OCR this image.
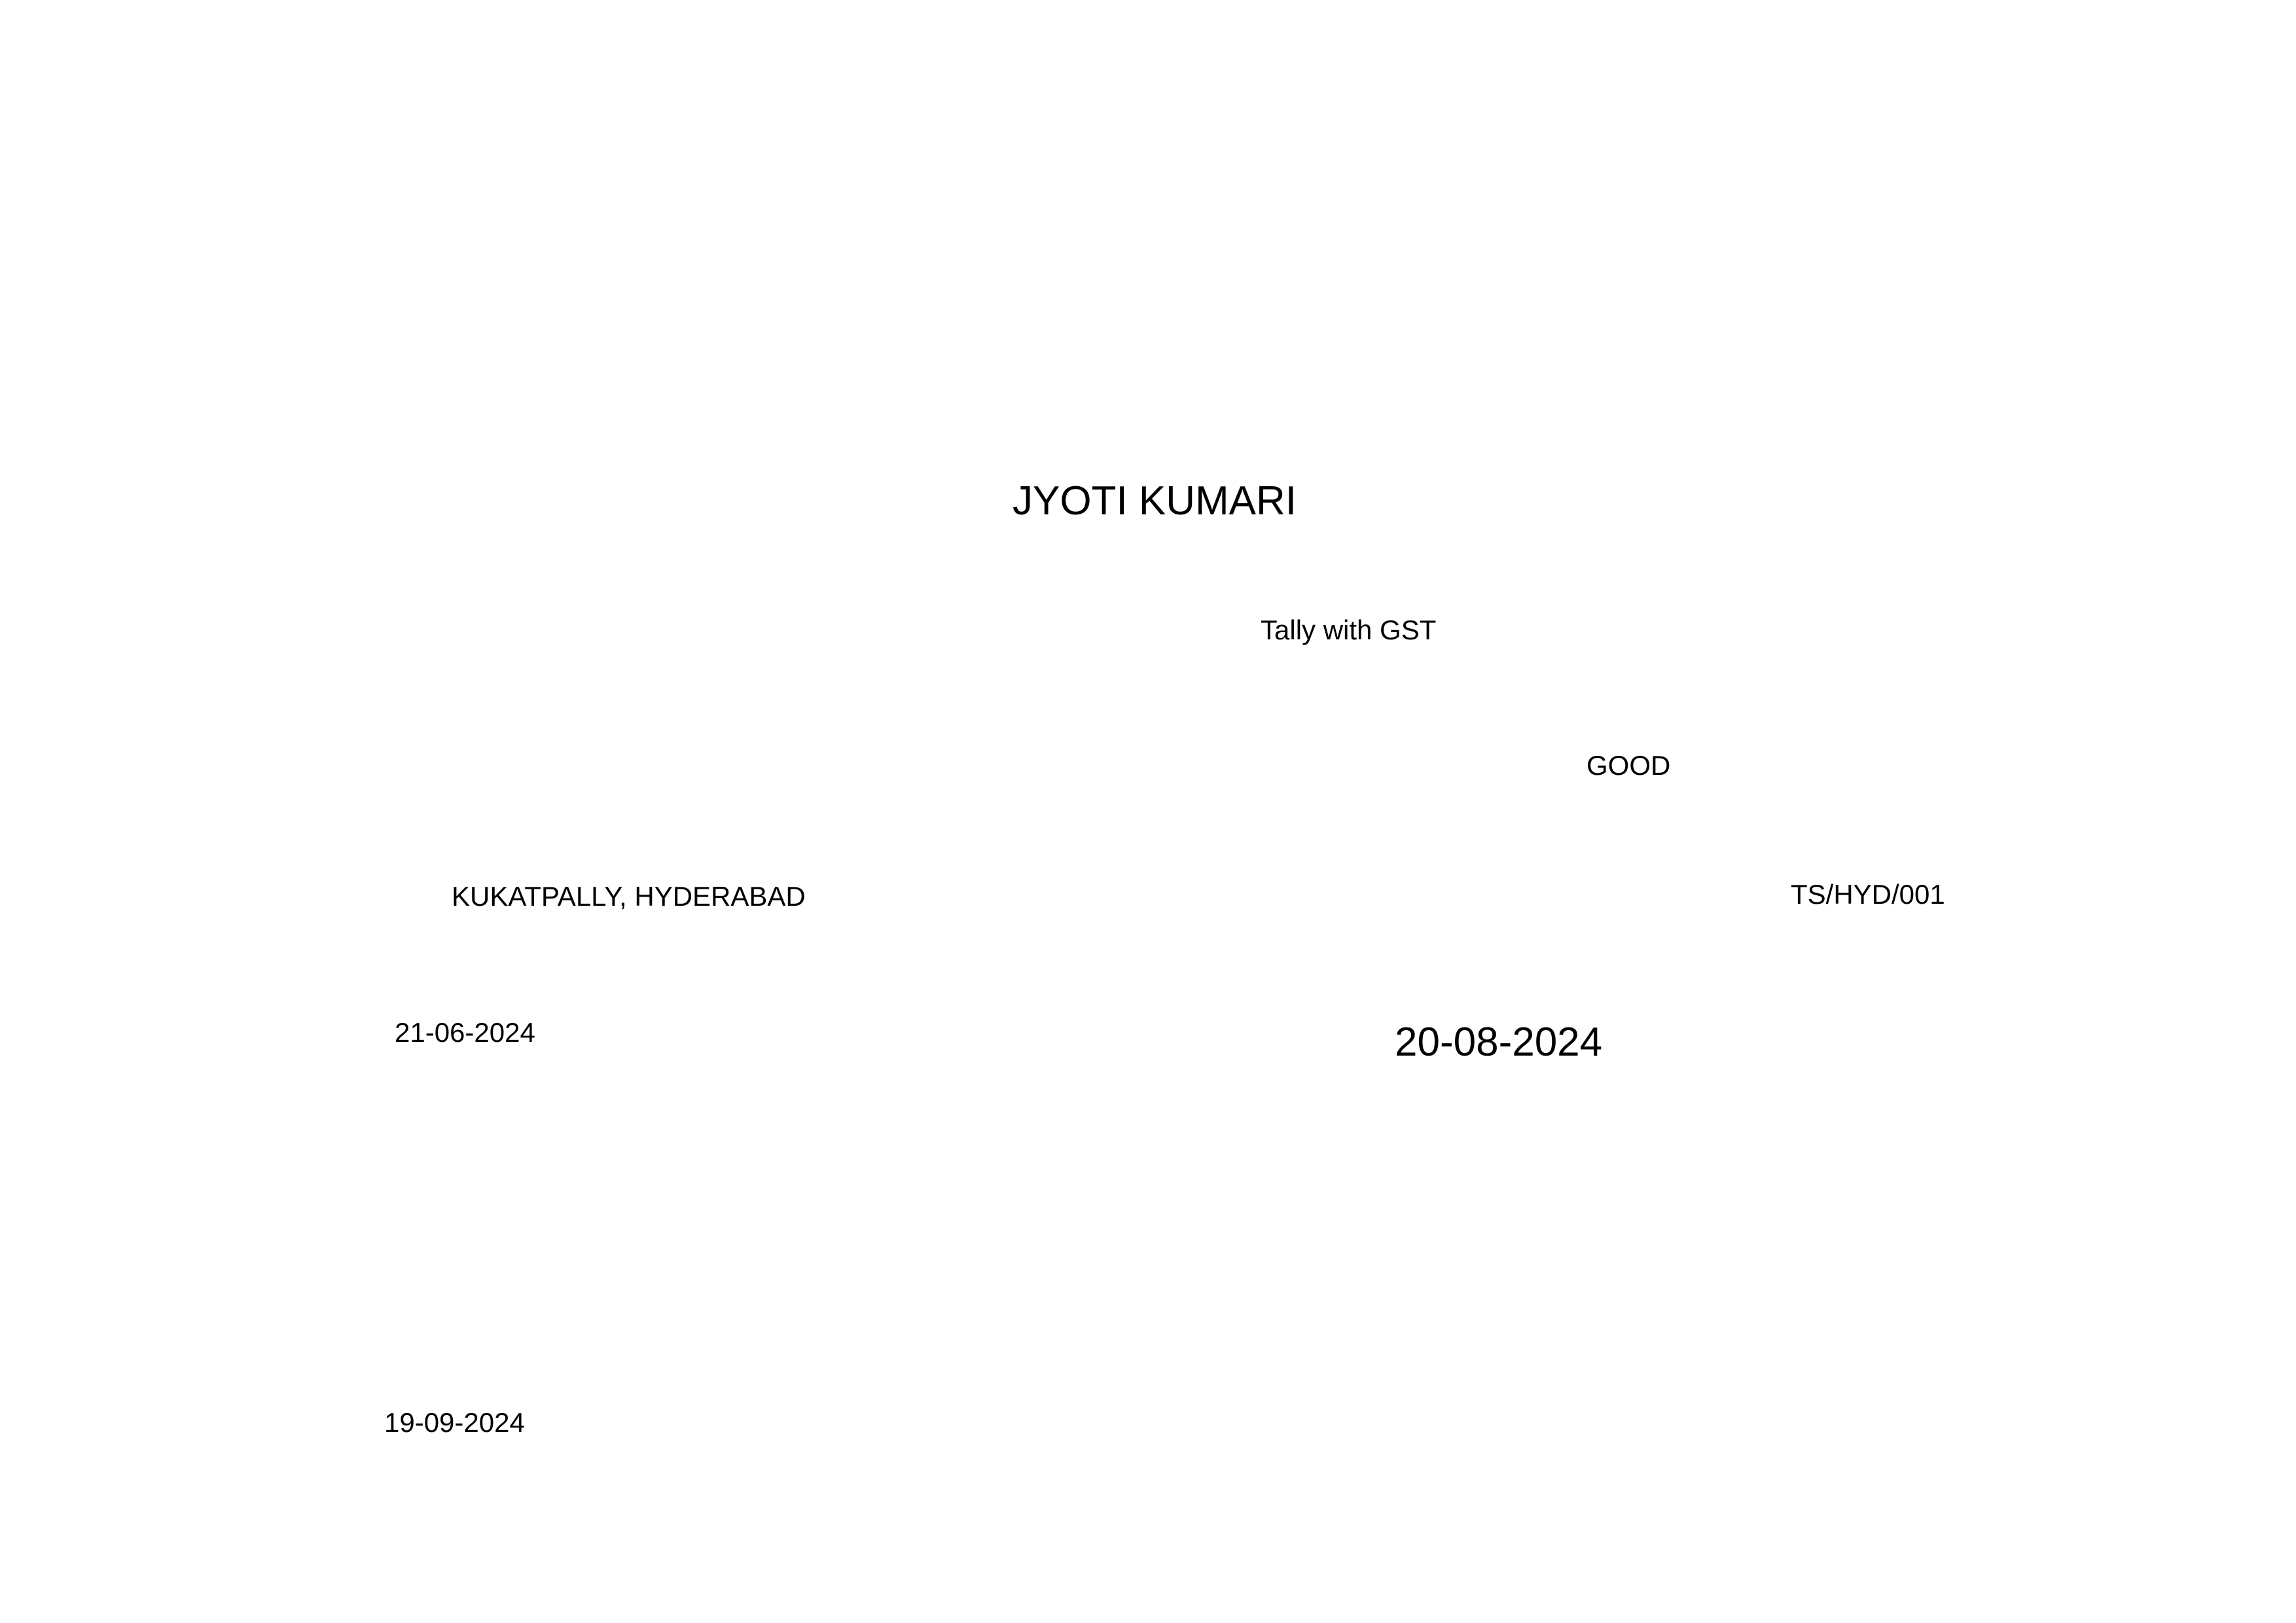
JYOTI KUMARI
Tally with GST
GOOD
KUKATPALLY, HYDERABAD	TS/HYD/001
21-06-2024	20-08-2024
19-09-2024
